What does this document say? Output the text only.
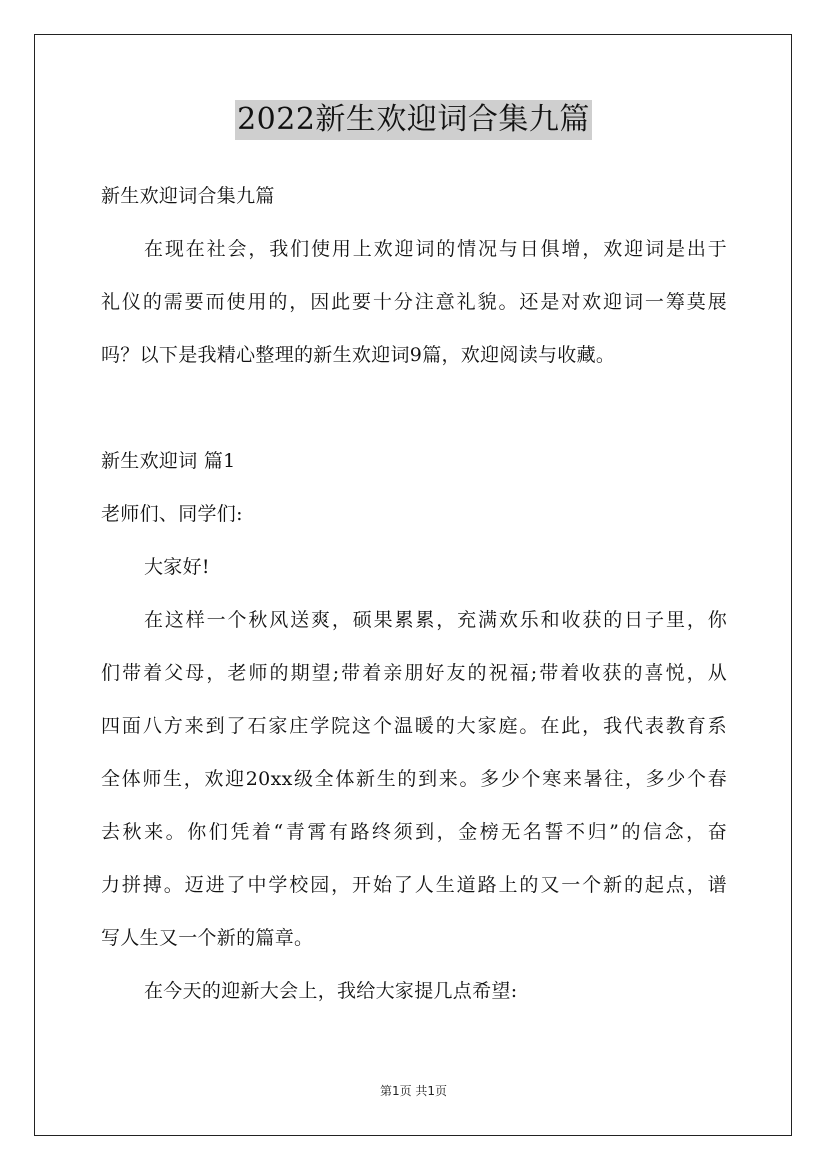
2022新生欢迎词合集九篇
新生欢迎词合集九篇
在现在社会，我们使用上欢迎词的情况与日俱增，欢迎词是出于
礼仪的需要而使用的，因此要十分注意礼貌。还是对欢迎词一筹莫展
吗？以下是我精心整理的新生欢迎词9篇，欢迎阅读与收藏。
新生欢迎词 篇1
老师们、同学们:
大家好!
在这样一个秋风送爽，硕果累累，充满欢乐和收获的日子里，你
们带着父母，老师的期望;带着亲朋好友的祝福;带着收获的喜悦，从
四面八方来到了石家庄学院这个温暖的大家庭。在此，我代表教育系
全体师生，欢迎20xx级全体新生的到来。多少个寒来暑往，多少个春
去秋来。你们凭着“青霄有路终须到，金榜无名誓不归”的信念，奋
力拼搏。迈进了中学校园，开始了人生道路上的又一个新的起点，谱
写人生又一个新的篇章。
在今天的迎新大会上，我给大家提几点希望:
第1页 共1页
